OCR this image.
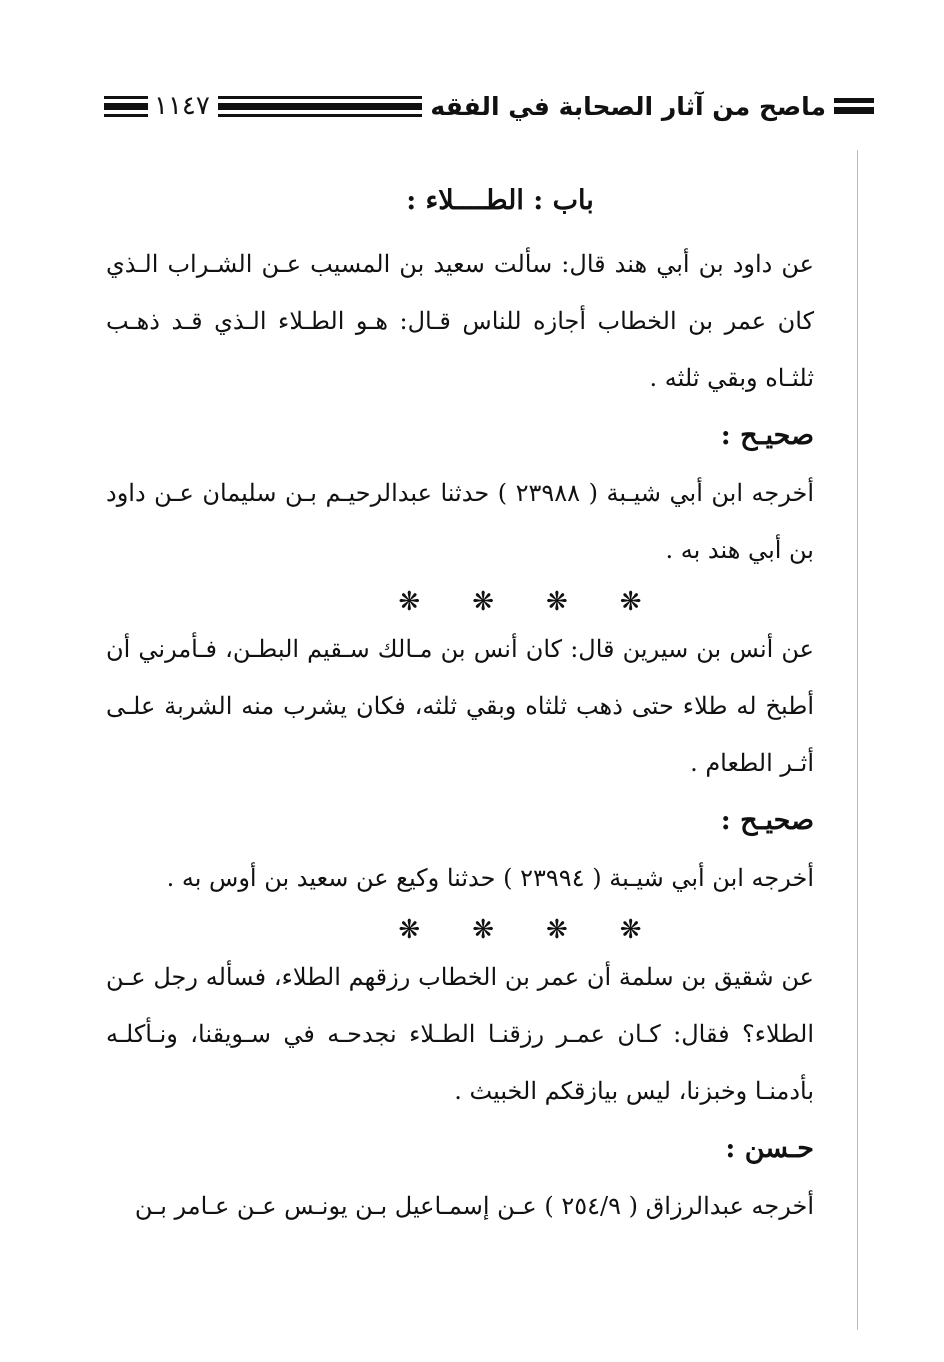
ماصح من آثار الصحابة في الفقه
١١٤٧
باب : الطــــلاء :

عن داود بن أبي هند قال: سألت سعيد بن المسيب عـن الشـراب الـذي كان عمر بن الخطاب أجازه للناس قـال: هـو الطـلاء الـذي قـد ذهـب ثلثـاه وبقي ثلثه .

صحيـح :

أخرجه ابن أبي شيـبة ( ٢٣٩٨٨ ) حدثنا عبدالرحيـم بـن سليمان عـن داود بن أبي هند به .

❋ ❋ ❋ ❋

عن أنس بن سيرين قال: كان أنس بن مـالك سـقيم البطـن، فـأمرني أن أطبخ له طلاء حتى ذهب ثلثاه وبقي ثلثه، فكان يشرب منه الشربة علـى أثـر الطعام .

صحيـح :

أخرجه ابن أبي شيـبة ( ٢٣٩٩٤ ) حدثنا وكيع عن سعيد بن أوس به .

❋ ❋ ❋ ❋

عن شقيق بن سلمة أن عمر بن الخطاب رزقهم الطلاء، فسأله رجل عـن الطلاء؟ فقال: كـان عمـر رزقنـا الطـلاء نجدحـه في سـويقنا، ونـأكلـه بأدمنـا وخبزنا، ليس بيازقكم الخبيث .

حـسن :

أخرجه عبدالرزاق ( ٢٥٤/٩ ) عـن إسمـاعيل بـن يونـس عـن عـامر بـن
